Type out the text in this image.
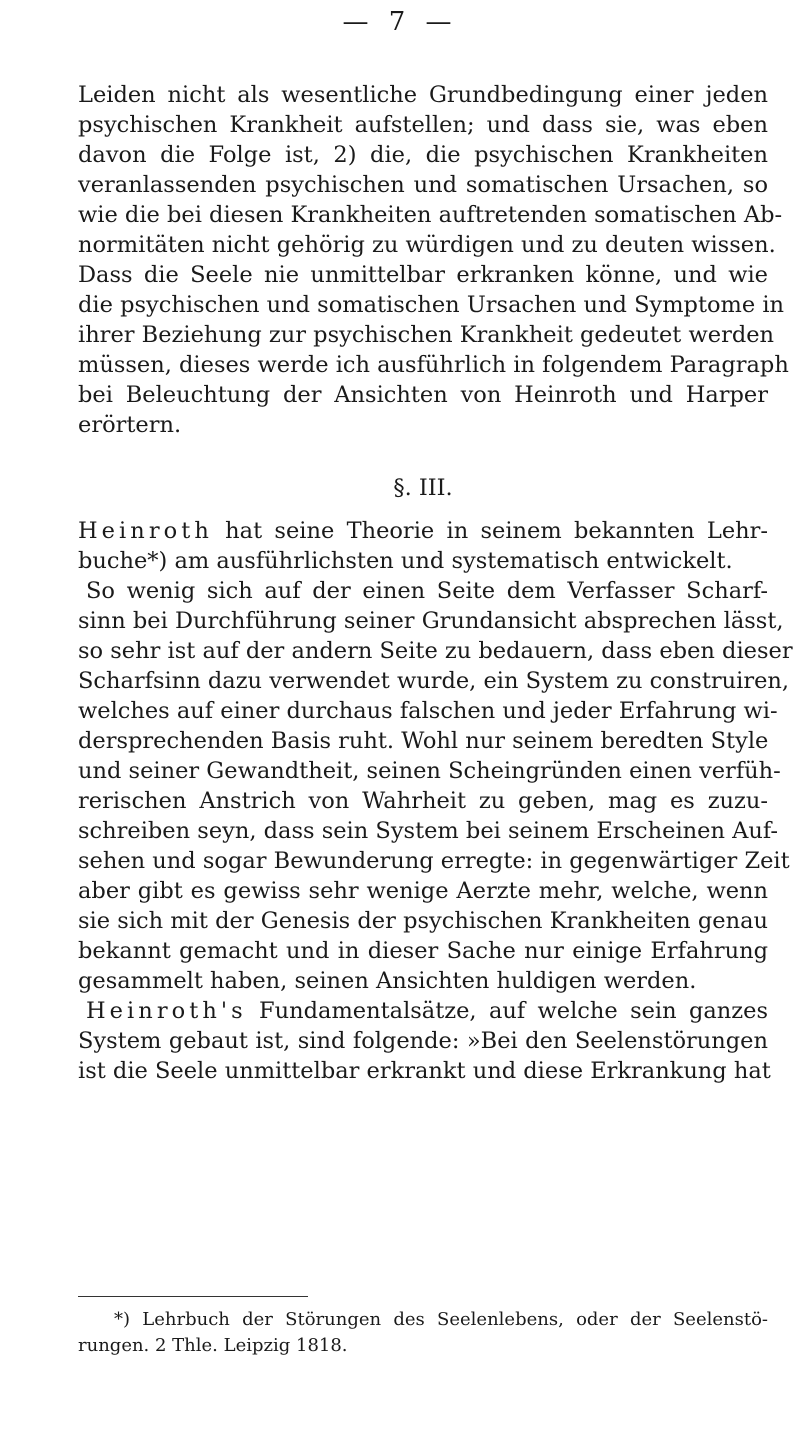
— 7 —
Leiden nicht als wesentliche Grundbedingung einer jeden
psychischen Krankheit aufstellen; und dass sie, was eben
davon die Folge ist, 2) die, die psychischen Krankheiten
veranlassenden psychischen und somatischen Ursachen, so
wie die bei diesen Krankheiten auftretenden somatischen Ab-
normitäten nicht gehörig zu würdigen und zu deuten wissen.
Dass die Seele nie unmittelbar erkranken könne, und wie
die psychischen und somatischen Ursachen und Symptome in
ihrer Beziehung zur psychischen Krankheit gedeutet werden
müssen, dieses werde ich ausführlich in folgendem Paragraph
bei Beleuchtung der Ansichten von Heinroth und Harper
erörtern.
§. III.
Heinroth hat seine Theorie in seinem bekannten Lehr-
buche*) am ausführlichsten und systematisch entwickelt.
So wenig sich auf der einen Seite dem Verfasser Scharf-
sinn bei Durchführung seiner Grundansicht absprechen lässt,
so sehr ist auf der andern Seite zu bedauern, dass eben dieser
Scharfsinn dazu verwendet wurde, ein System zu construiren,
welches auf einer durchaus falschen und jeder Erfahrung wi-
dersprechenden Basis ruht. Wohl nur seinem beredten Style
und seiner Gewandtheit, seinen Scheingründen einen verfüh-
rerischen Anstrich von Wahrheit zu geben, mag es zuzu-
schreiben seyn, dass sein System bei seinem Erscheinen Auf-
sehen und sogar Bewunderung erregte: in gegenwärtiger Zeit
aber gibt es gewiss sehr wenige Aerzte mehr, welche, wenn
sie sich mit der Genesis der psychischen Krankheiten genau
bekannt gemacht und in dieser Sache nur einige Erfahrung
gesammelt haben, seinen Ansichten huldigen werden.
Heinroth's Fundamentalsätze, auf welche sein ganzes
System gebaut ist, sind folgende: »Bei den Seelenstörungen
ist die Seele unmittelbar erkrankt und diese Erkrankung hat
*) Lehrbuch der Störungen des Seelenlebens, oder der Seelenstö-
rungen. 2 Thle. Leipzig 1818.
